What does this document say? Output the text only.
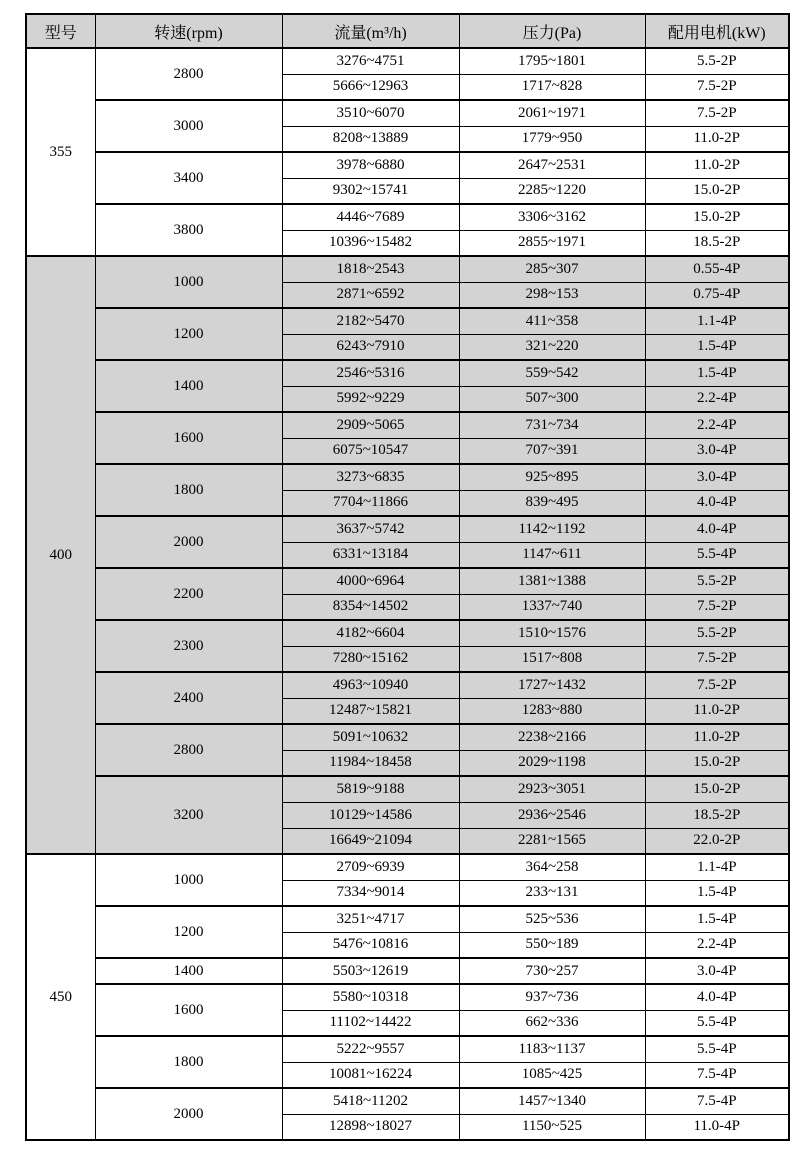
型号	转速(rpm)	流量(m³/h)	压力(Pa)	配用电机(kW)
355	2800	3276~4751	1795~1801	5.5-2P
		5666~12963	1717~828	7.5-2P
	3000	3510~6070	2061~1971	7.5-2P
		8208~13889	1779~950	11.0-2P
	3400	3978~6880	2647~2531	11.0-2P
		9302~15741	2285~1220	15.0-2P
	3800	4446~7689	3306~3162	15.0-2P
		10396~15482	2855~1971	18.5-2P
400	1000	1818~2543	285~307	0.55-4P
		2871~6592	298~153	0.75-4P
	1200	2182~5470	411~358	1.1-4P
		6243~7910	321~220	1.5-4P
	1400	2546~5316	559~542	1.5-4P
		5992~9229	507~300	2.2-4P
	1600	2909~5065	731~734	2.2-4P
		6075~10547	707~391	3.0-4P
	1800	3273~6835	925~895	3.0-4P
		7704~11866	839~495	4.0-4P
	2000	3637~5742	1142~1192	4.0-4P
		6331~13184	1147~611	5.5-4P
	2200	4000~6964	1381~1388	5.5-2P
		8354~14502	1337~740	7.5-2P
	2300	4182~6604	1510~1576	5.5-2P
		7280~15162	1517~808	7.5-2P
	2400	4963~10940	1727~1432	7.5-2P
		12487~15821	1283~880	11.0-2P
	2800	5091~10632	2238~2166	11.0-2P
		11984~18458	2029~1198	15.0-2P
	3200	5819~9188	2923~3051	15.0-2P
		10129~14586	2936~2546	18.5-2P
		16649~21094	2281~1565	22.0-2P
450	1000	2709~6939	364~258	1.1-4P
		7334~9014	233~131	1.5-4P
	1200	3251~4717	525~536	1.5-4P
		5476~10816	550~189	2.2-4P
	1400	5503~12619	730~257	3.0-4P
	1600	5580~10318	937~736	4.0-4P
		11102~14422	662~336	5.5-4P
	1800	5222~9557	1183~1137	5.5-4P
		10081~16224	1085~425	7.5-4P
	2000	5418~11202	1457~1340	7.5-4P
		12898~18027	1150~525	11.0-4P
